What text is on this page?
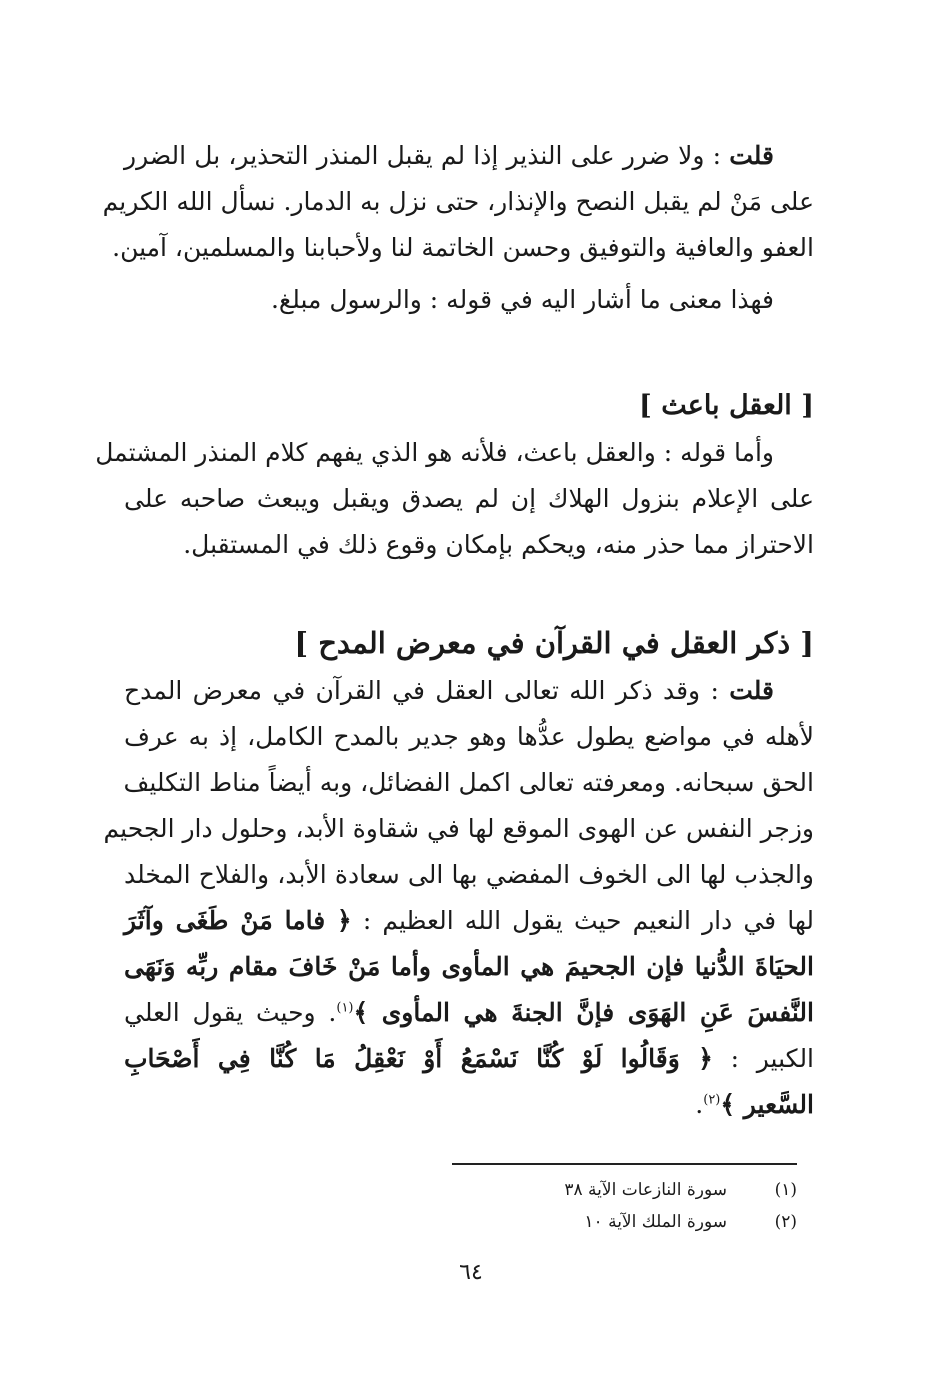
قلت : ولا ضرر على النذير إذا لم يقبل المنذر التحذير، بل الضرر
على مَنْ لم يقبل النصح والإنذار، حتى نزل به الدمار. نسأل الله الكريم
العفو والعافية والتوفيق وحسن الخاتمة لنا ولأحبابنا والمسلمين، آمين.
فهذا معنى ما أشار اليه في قوله : والرسول مبلغ.
[ العقل باعث ]
وأما قوله : والعقل باعث، فلأنه هو الذي يفهم كلام المنذر المشتمل
على الإعلام بنزول الهلاك إن لم يصدق ويقبل ويبعث صاحبه على
الاحتراز مما حذر منه، ويحكم بإمكان وقوع ذلك في المستقبل.
[ ذكر العقل في القرآن في معرض المدح ]
قلت : وقد ذكر الله تعالى العقل في القرآن في معرض المدح
لأهله في مواضع يطول عدُّها وهو جدير بالمدح الكامل، إذ به عرف
الحق سبحانه. ومعرفته تعالى اكمل الفضائل، وبه أيضاً مناط التكليف
وزجر النفس عن الهوى الموقع لها في شقاوة الأبد، وحلول دار الجحيم
والجذب لها الى الخوف المفضي بها الى سعادة الأبد، والفلاح المخلد
لها في دار النعيم حيث يقول الله العظيم : ﴿ فاما مَنْ طَغَى وآثَرَ
الحيَاةَ الدُّنيا فإن الجحيمَ هي المأوى وأما مَنْ خَافَ مقام ربِّه وَنَهَى
النَّفسَ عَنِ الهَوَى فإنَّ الجنةَ هي المأوى ﴾$^{(١)}$. وحيث يقول العلي
الكبير : ﴿ وَقَالُوا لَوْ كُنَّا نَسْمَعُ أَوْ نَعْقِلُ مَا كُنَّا فِي أَصْحَابِ
السَّعير ﴾$^{(٢)}$.
(١)سورة النازعات الآية ٣٨
(٢)سورة الملك الآية ١٠
٦٤
